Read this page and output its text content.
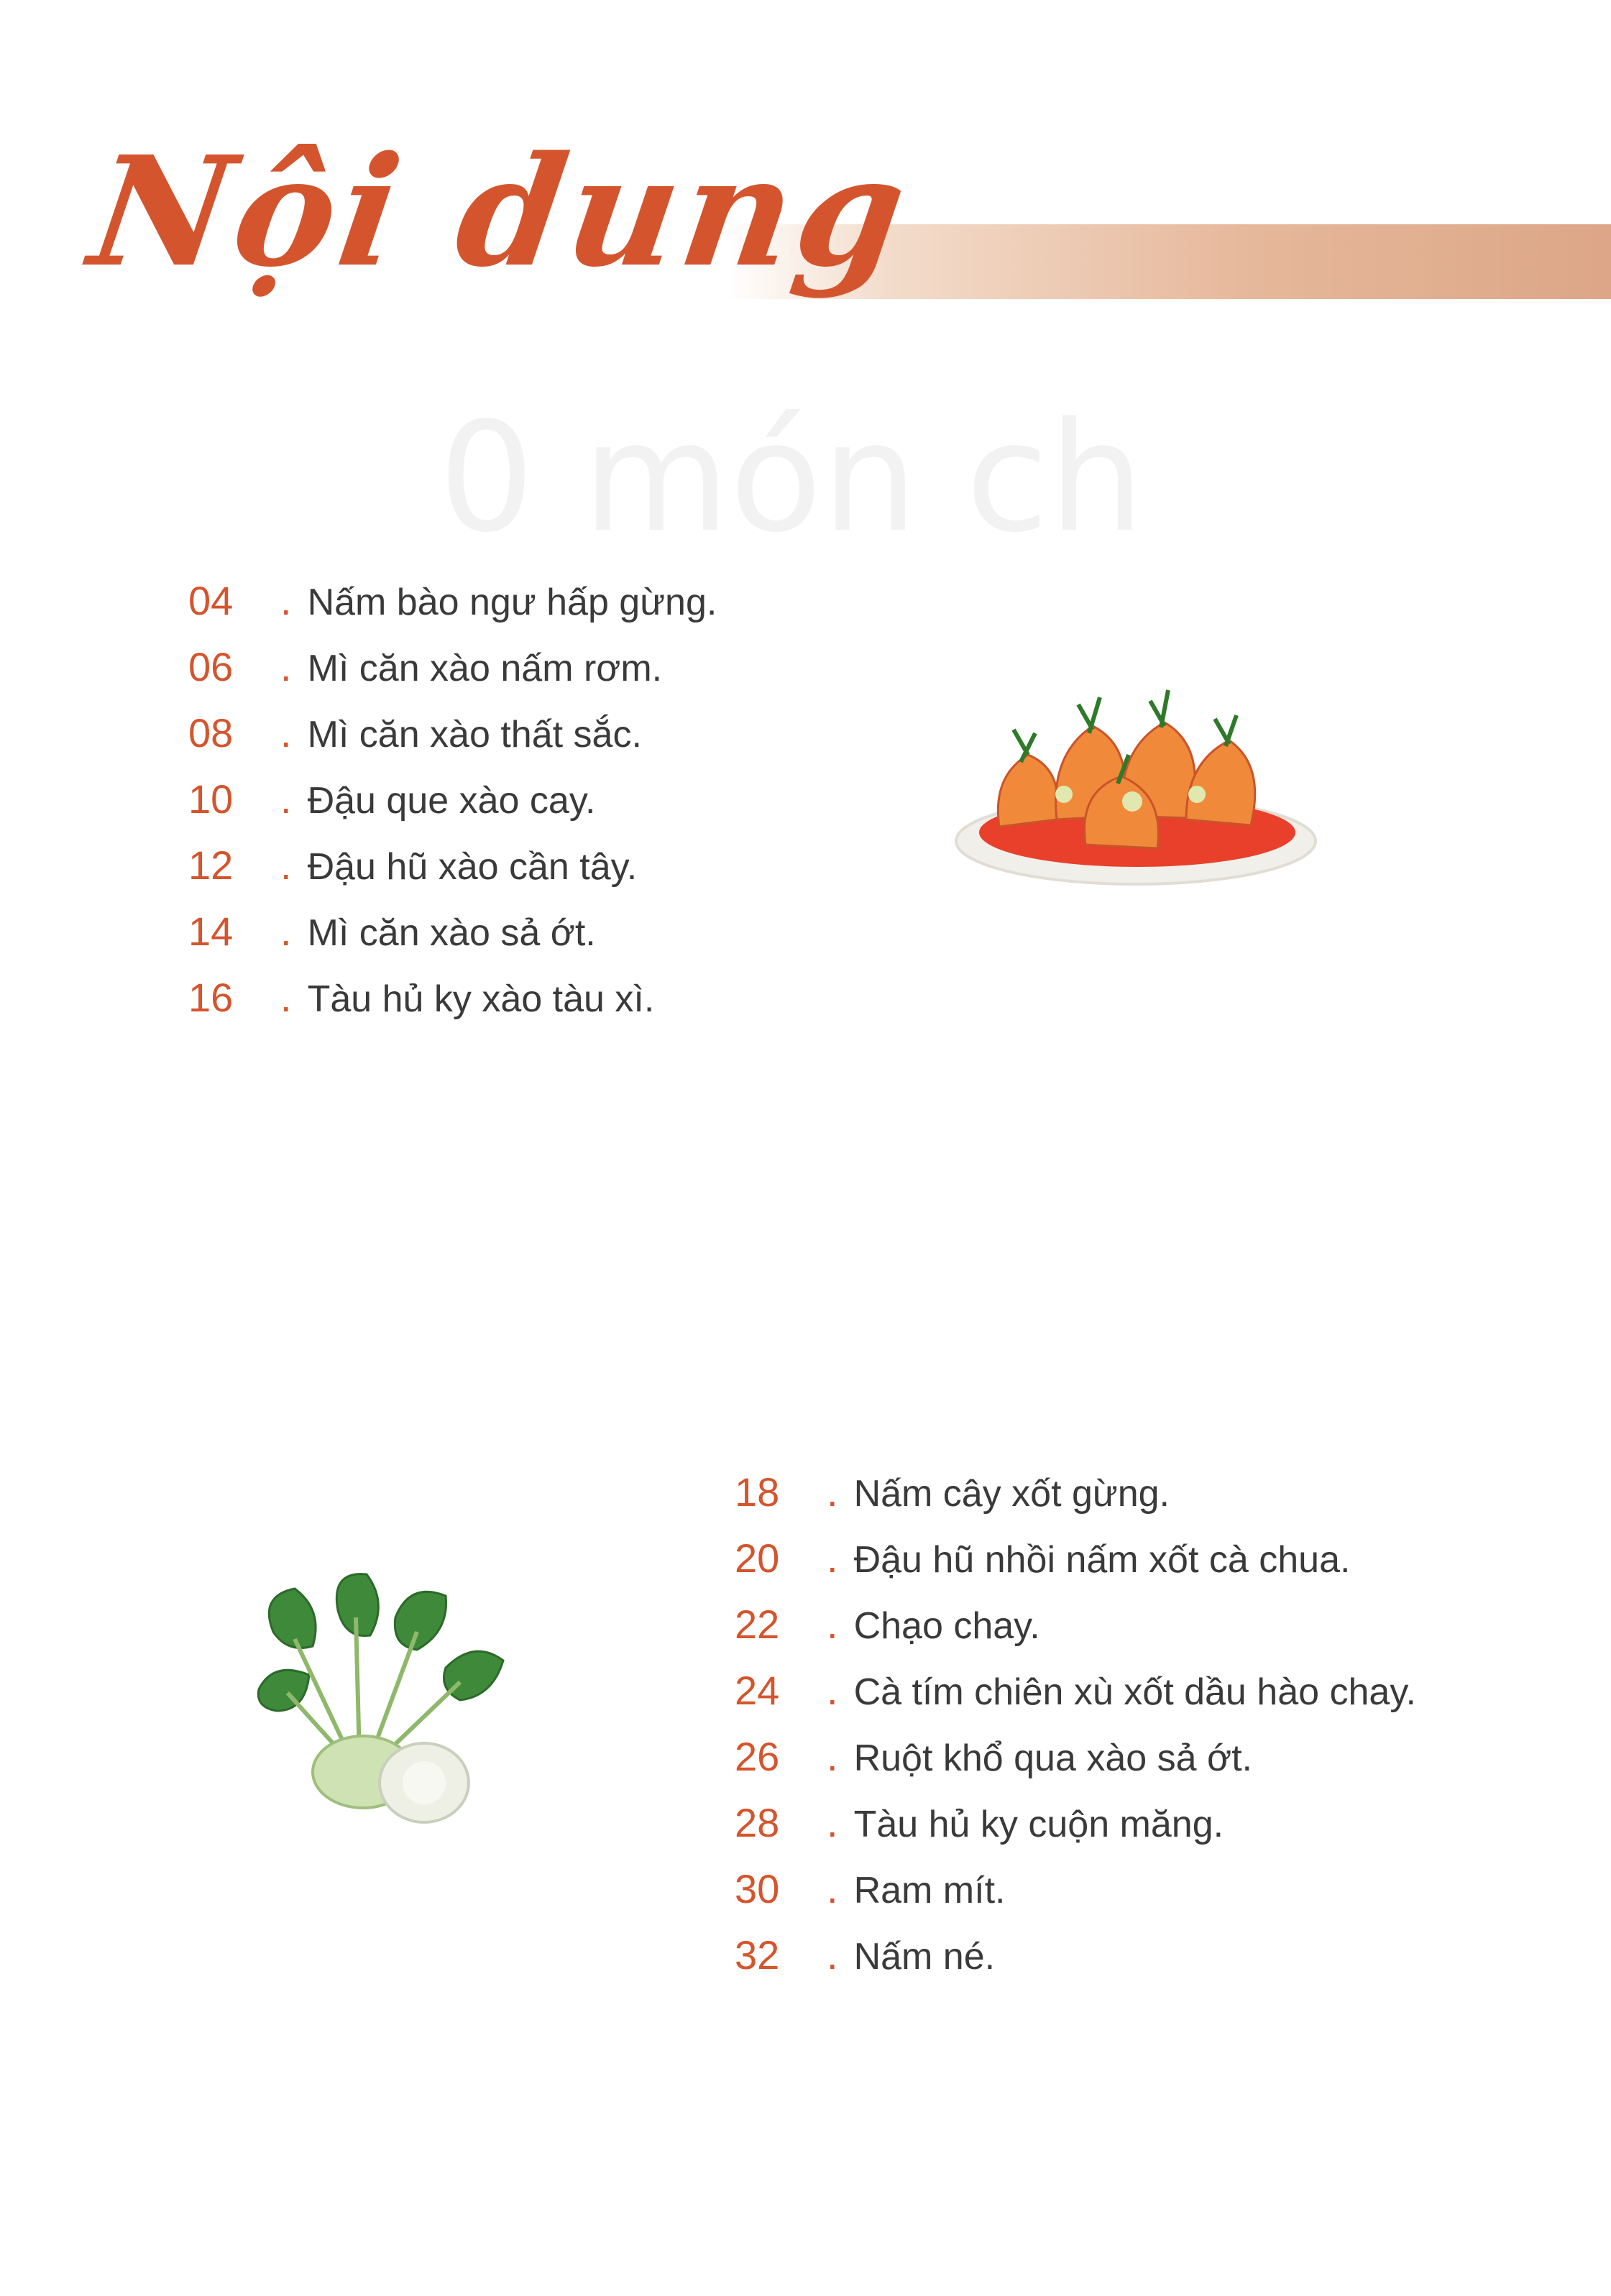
0 món ch
Nội dung
04 . Nấm bào ngư hấp gừng.
06 . Mì căn xào nấm rơm.
08 . Mì căn xào thất sắc.
10 . Đậu que xào cay.
12 . Đậu hũ xào cần tây.
14 . Mì căn xào sả ớt.
16 . Tàu hủ ky xào tàu xì.
18 . Nấm cây xốt gừng.
20 . Đậu hũ nhồi nấm xốt cà chua.
22 . Chạo chay.
24 . Cà tím chiên xù xốt dầu hào chay.
26 . Ruột khổ qua xào sả ớt.
28 . Tàu hủ ky cuộn măng.
30 . Ram mít.
32 . Nấm né.
